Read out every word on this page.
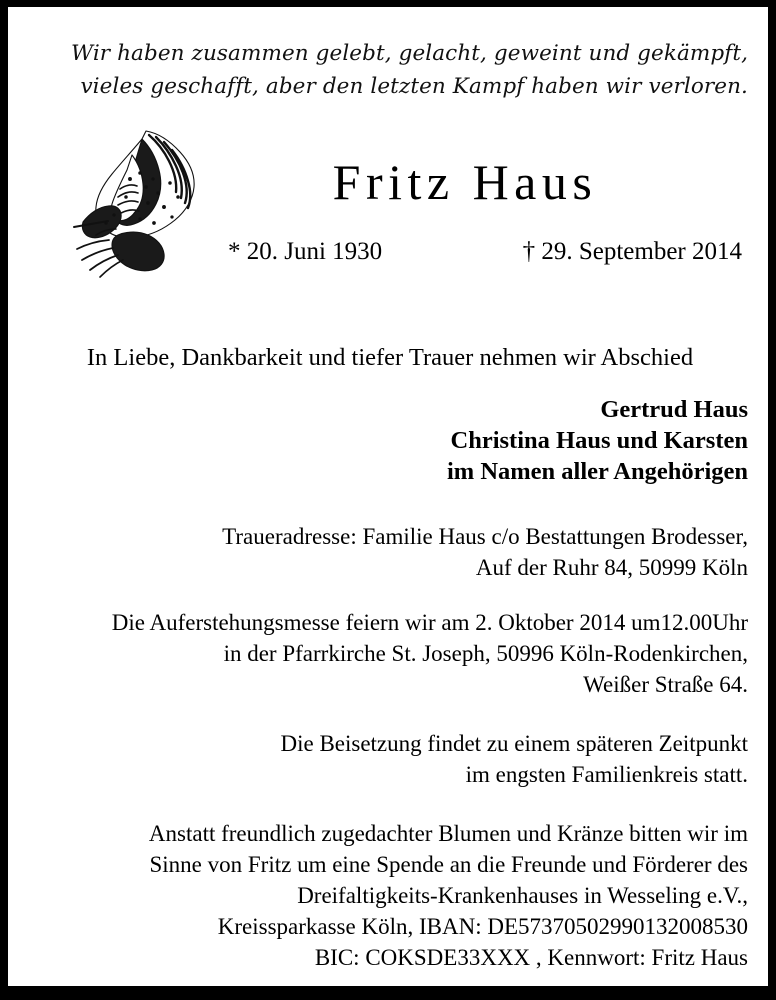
Wir haben zusammen gelebt, gelacht, geweint und gekämpft,
vieles geschafft, aber den letzten Kampf haben wir verloren.
Fritz Haus
* 20. Juni 1930	† 29. September 2014
In Liebe, Dankbarkeit und tiefer Trauer nehmen wir Abschied
Gertrud Haus
Christina Haus und Karsten
im Namen aller Angehörigen
Traueradresse: Familie Haus c/o Bestattungen Brodesser,
Auf der Ruhr 84, 50999 Köln
Die Auferstehungsmesse feiern wir am 2. Oktober 2014 um12.00Uhr
in der Pfarrkirche St. Joseph, 50996 Köln-Rodenkirchen,
Weißer Straße 64.
Die Beisetzung findet zu einem späteren Zeitpunkt
im engsten Familienkreis statt.
Anstatt freundlich zugedachter Blumen und Kränze bitten wir im
Sinne von Fritz um eine Spende an die Freunde und Förderer des
Dreifaltigkeits-Krankenhauses in Wesseling e.V.,
Kreissparkasse Köln, IBAN: DE57370502990132008530
BIC: COKSDE33XXX , Kennwort: Fritz Haus
